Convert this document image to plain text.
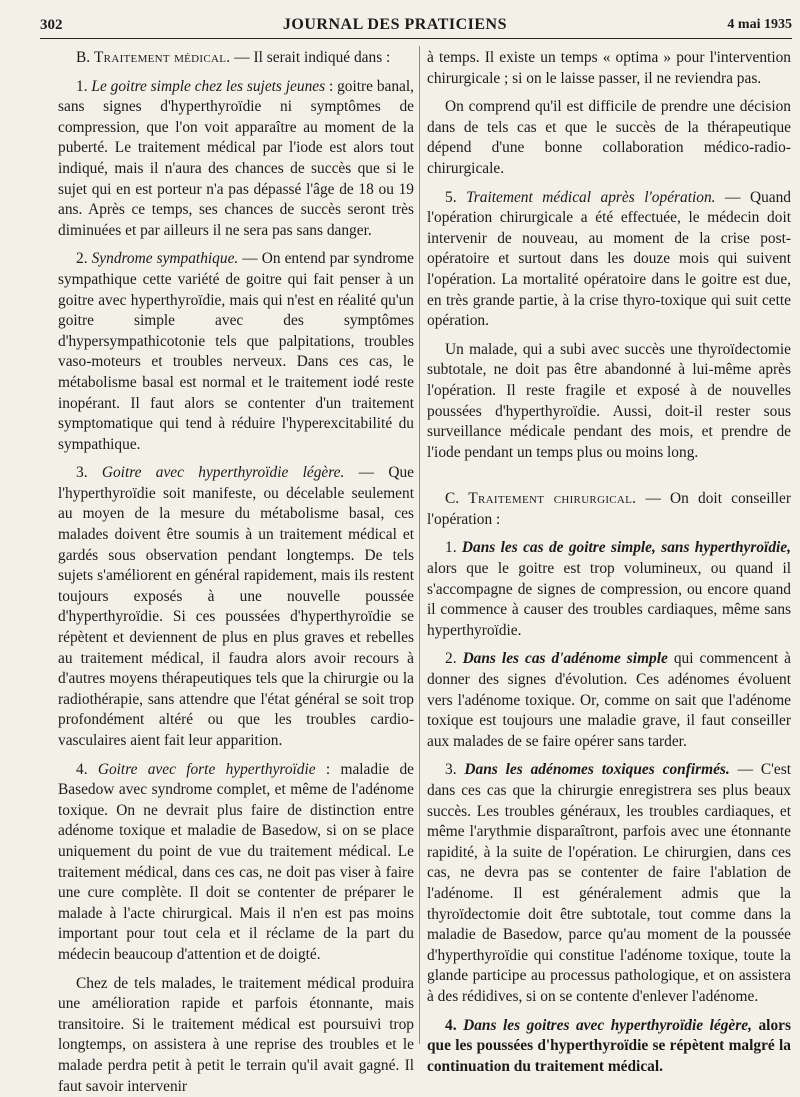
302	JOURNAL DES PRATICIENS	4 mai 1935

B. Traitement médical. — Il serait indiqué dans :

1. Le goitre simple chez les sujets jeunes : goitre banal, sans signes d'hyperthyroïdie ni symptômes de compression, que l'on voit apparaître au moment de la puberté. Le traitement médical par l'iode est alors tout indiqué, mais il n'aura des chances de succès que si le sujet qui en est porteur n'a pas dépassé l'âge de 18 ou 19 ans. Après ce temps, ses chances de succès seront très diminuées et par ailleurs il ne sera pas sans danger.

2. Syndrome sympathique. — On entend par syndrome sympathique cette variété de goitre qui fait penser à un goitre avec hyperthyroïdie, mais qui n'est en réalité qu'un goitre simple avec des symptômes d'hypersympathicotonie tels que palpitations, troubles vaso-moteurs et troubles nerveux. Dans ces cas, le métabolisme basal est normal et le traitement iodé reste inopérant. Il faut alors se contenter d'un traitement symptomatique qui tend à réduire l'hyperexcitabilité du sympathique.

3. Goitre avec hyperthyroïdie légère. — Que l'hyperthyroïdie soit manifeste, ou décelable seulement au moyen de la mesure du métabolisme basal, ces malades doivent être soumis à un traitement médical et gardés sous observation pendant longtemps. De tels sujets s'améliorent en général rapidement, mais ils restent toujours exposés à une nouvelle poussée d'hyperthyroïdie. Si ces poussées d'hyperthyroïdie se répètent et deviennent de plus en plus graves et rebelles au traitement médical, il faudra alors avoir recours à d'autres moyens thérapeutiques tels que la chirurgie ou la radiothérapie, sans attendre que l'état général se soit trop profondément altéré ou que les troubles cardio-vasculaires aient fait leur apparition.

4. Goitre avec forte hyperthyroïdie : maladie de Basedow avec syndrome complet, et même de l'adénome toxique. On ne devrait plus faire de distinction entre adénome toxique et maladie de Basedow, si on se place uniquement du point de vue du traitement médical. Le traitement médical, dans ces cas, ne doit pas viser à faire une cure complète. Il doit se contenter de préparer le malade à l'acte chirurgical. Mais il n'en est pas moins important pour tout cela et il réclame de la part du médecin beaucoup d'attention et de doigté.

Chez de tels malades, le traitement médical produira une amélioration rapide et parfois étonnante, mais transitoire. Si le traitement médical est poursuivi trop longtemps, on assistera à une reprise des troubles et le malade perdra petit à petit le terrain qu'il avait gagné. Il faut savoir intervenir

à temps. Il existe un temps « optima » pour l'intervention chirurgicale ; si on le laisse passer, il ne reviendra pas.

On comprend qu'il est difficile de prendre une décision dans de tels cas et que le succès de la thérapeutique dépend d'une bonne collaboration médico-radio-chirurgicale.

5. Traitement médical après l'opération. — Quand l'opération chirurgicale a été effectuée, le médecin doit intervenir de nouveau, au moment de la crise post-opératoire et surtout dans les douze mois qui suivent l'opération. La mortalité opératoire dans le goitre est due, en très grande partie, à la crise thyro-toxique qui suit cette opération.

Un malade, qui a subi avec succès une thyroïdectomie subtotale, ne doit pas être abandonné à lui-même après l'opération. Il reste fragile et exposé à de nouvelles poussées d'hyperthyroïdie. Aussi, doit-il rester sous surveillance médicale pendant des mois, et prendre de l'iode pendant un temps plus ou moins long.

C. Traitement chirurgical. — On doit conseiller l'opération :

1. Dans les cas de goitre simple, sans hyperthyroïdie, alors que le goitre est trop volumineux, ou quand il s'accompagne de signes de compression, ou encore quand il commence à causer des troubles cardiaques, même sans hyperthyroïdie.

2. Dans les cas d'adénome simple qui commencent à donner des signes d'évolution. Ces adénomes évoluent vers l'adénome toxique. Or, comme on sait que l'adénome toxique est toujours une maladie grave, il faut conseiller aux malades de se faire opérer sans tarder.

3. Dans les adénomes toxiques confirmés. — C'est dans ces cas que la chirurgie enregistrera ses plus beaux succès. Les troubles généraux, les troubles cardiaques, et même l'arythmie disparaîtront, parfois avec une étonnante rapidité, à la suite de l'opération. Le chirurgien, dans ces cas, ne devra pas se contenter de faire l'ablation de l'adénome. Il est généralement admis que la thyroïdectomie doit être subtotale, tout comme dans la maladie de Basedow, parce qu'au moment de la poussée d'hyperthyroïdie qui constitue l'adénome toxique, toute la glande participe au processus pathologique, et on assistera à des rédidives, si on se contente d'enlever l'adénome.

4. Dans les goitres avec hyperthyroïdie légère, alors que les poussées d'hyperthyroïdie se répètent malgré la continuation du traitement médical.
